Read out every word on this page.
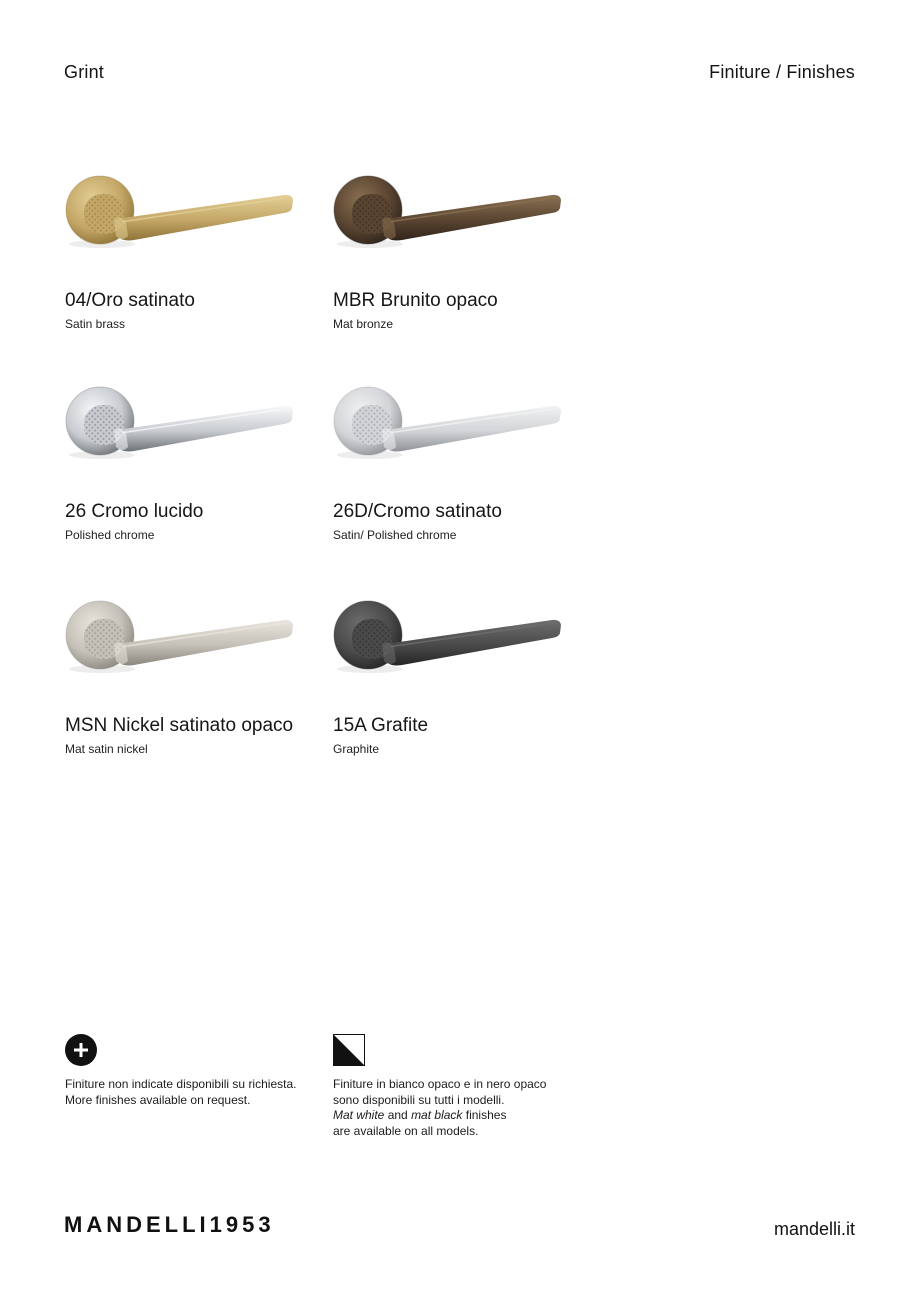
Grint	Finiture / Finishes
04/Oro satinato
Satin brass
MBR Brunito opaco
Mat bronze
26 Cromo lucido
Polished chrome
26D/Cromo satinato
Satin/ Polished chrome
MSN Nickel satinato opaco
Mat satin nickel
15A Grafite
Graphite
Finiture non indicate disponibili su richiesta.
More finishes available on request.
Finiture in bianco opaco e in nero opaco
sono disponibili su tutti i modelli.
Mat white and mat black finishes
are available on all models.
MANDELLI1953	mandelli.it
